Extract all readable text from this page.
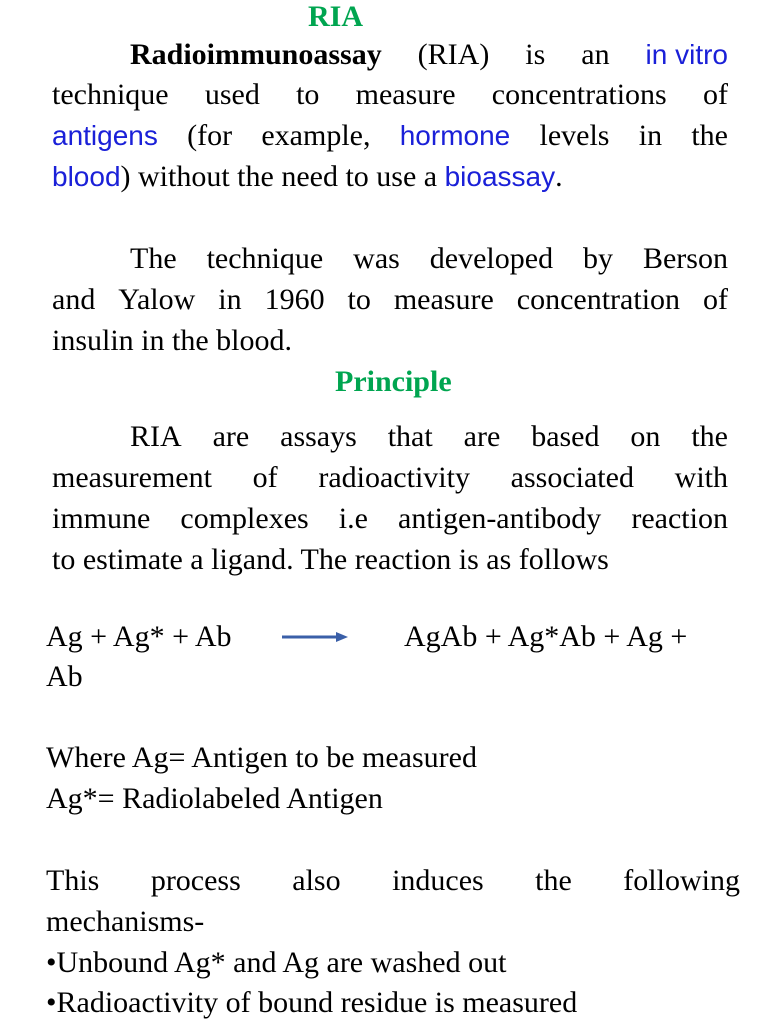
RIA
Radioimmunoassay (RIA) is an in vitro
technique used to measure concentrations of
antigens (for example, hormone levels in the
blood) without the need to use a bioassay.
The technique was developed by Berson
and Yalow in 1960 to measure concentration of
insulin in the blood.
Principle
RIA are assays that are based on the
measurement of radioactivity associated with
immune complexes i.e antigen-antibody reaction
to estimate a ligand. The reaction is as follows
Ag + Ag* + Ab	AgAb + Ag*Ab + Ag +
Ab
Where Ag= Antigen to be measured
Ag*= Radiolabeled Antigen
This process also induces the following
mechanisms-
•Unbound Ag* and Ag are washed out
•Radioactivity of bound residue is measured
